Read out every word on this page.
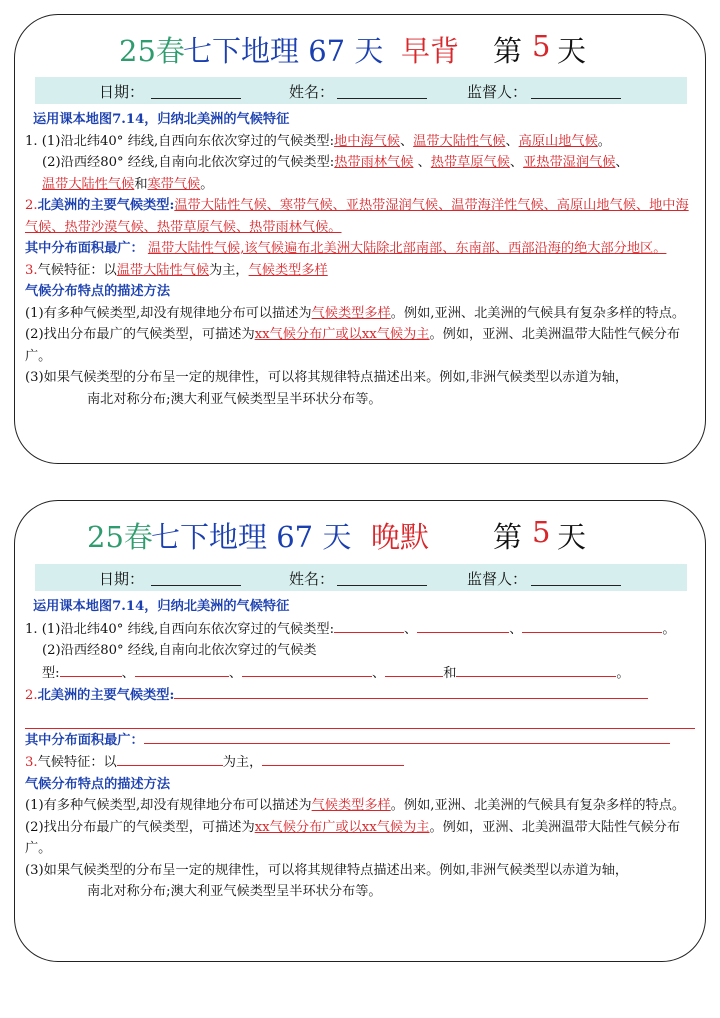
25春
七下地理 67 天 早背 第 5 天
日期：	姓名：	监督人：

运用课本地图7.14，归纳北美洲的气候特征

1. (1)沿北纬40° 纬线,自西向东依次穿过的气候类型:地中海气候、温带大陆性气候、高原山地气候。

(2)沿西经80° 经线,自南向北依次穿过的气候类型:热带雨林气候 、热带草原气候、亚热带湿润气候、

温带大陆性气候和寒带气候。

2.北美洲的主要气候类型:温带大陆性气候、寒带气候、亚热带湿润气候、温带海洋性气候、高原山地气候、地中海气候、热带沙漠气候、热带草原气候、热带雨林气候。

其中分布面积最广： 温带大陆性气候,该气候遍布北美洲大陆除北部南部、东南部、西部沿海的绝大部分地区。

3.气候特征：以温带大陆性气候为主，气候类型多样

气候分布特点的描述方法

(1)有多种气候类型,却没有规律地分布可以描述为气候类型多样。例如,亚洲、北美洲的气候具有复杂多样的特点。

(2)找出分布最广的气候类型，可描述为xx气候分布广或以xx气候为主。例如，亚洲、北美洲温带大陆性气候分布广。

(3)如果气候类型的分布呈一定的规律性，可以将其规律特点描述出来。例如,非洲气候类型以赤道为轴，

南北对称分布;澳大利亚气候类型呈半环状分布等。

25春
七下地理 67 天 晚默 第 5 天
日期：	姓名：	监督人：

运用课本地图7.14，归纳北美洲的气候特征

1. (1)沿北纬40° 纬线,自西向东依次穿过的气候类型:	、	、	。

(2)沿西经80° 经线,自南向北依次穿过的气候类

型:	、	、	、	和	。

2.北美洲的主要气候类型:

其中分布面积最广：

3.气候特征：以	为主，

气候分布特点的描述方法

(1)有多种气候类型,却没有规律地分布可以描述为气候类型多样。例如,亚洲、北美洲的气候具有复杂多样的特点。

(2)找出分布最广的气候类型，可描述为xx气候分布广或以xx气候为主。例如，亚洲、北美洲温带大陆性气候分布广。

(3)如果气候类型的分布呈一定的规律性，可以将其规律特点描述出来。例如,非洲气候类型以赤道为轴，

南北对称分布;澳大利亚气候类型呈半环状分布等。
